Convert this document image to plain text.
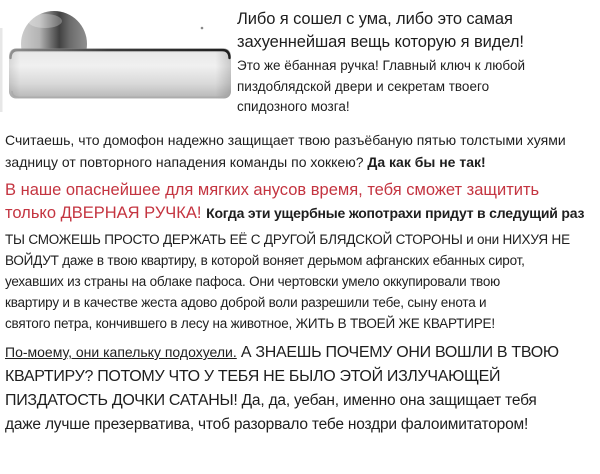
Либо я сошел с ума, либо это самая
захуеннейшая вещь которую я видел!
Это же ёбанная ручка! Главный ключ к любой
пиздоблядской двери и секретам твоего
спидозного мозга!
Считаешь, что домофон надежно защищает твою разъёбаную пятью толстыми хуями
задницу от повторного нападения команды по хоккею? Да как бы не так!
В наше опаснейшее для мягких анусов время, тебя сможет защитить
только ДВЕРНАЯ РУЧКА! Когда эти ущербные жопотрахи придут в следущий раз
ТЫ СМОЖЕШЬ ПРОСТО ДЕРЖАТЬ ЕЁ С ДРУГОЙ БЛЯДСКОЙ СТОРОНЫ и они НИХУЯ НЕ
ВОЙДУТ даже в твою квартиру, в которой воняет дерьмом афганских ебанных сирот,
уехавших из страны на облаке пафоса. Они чертовски умело оккупировали твою
квартиру и в качестве жеста адово доброй воли разрешили тебе, сыну енота и
святого петра, кончившего в лесу на животное, ЖИТЬ В ТВОЕЙ ЖЕ КВАРТИРЕ!
По-моему, они капельку подохуели. А ЗНАЕШЬ ПОЧЕМУ ОНИ ВОШЛИ В ТВОЮ
КВАРТИРУ? ПОТОМУ ЧТО У ТЕБЯ НЕ БЫЛО ЭТОЙ ИЗЛУЧАЮЩЕЙ
ПИЗДАТОСТЬ ДОЧКИ САТАНЫ! Да, да, уебан, именно она защищает тебя
даже лучше презерватива, чтоб разорвало тебе ноздри фалоимитатором!
